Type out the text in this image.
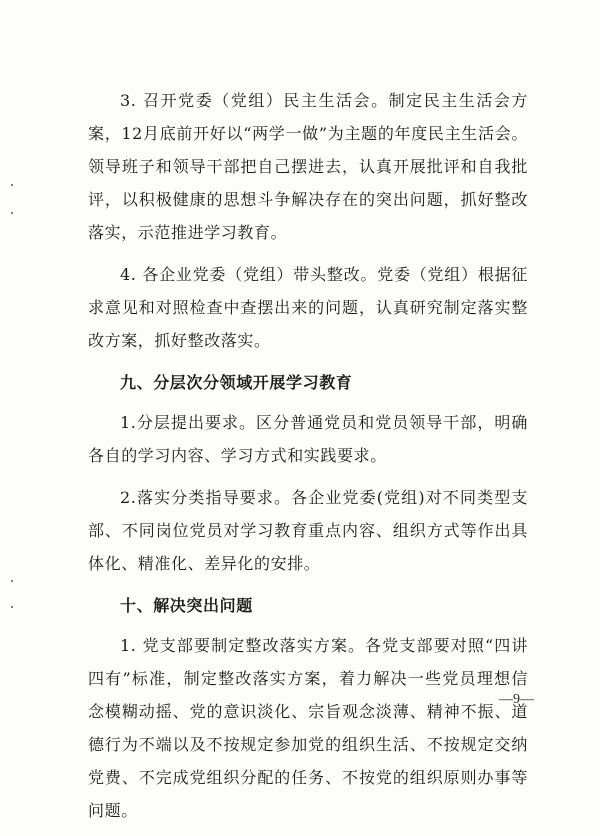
3. 召开党委（党组）民主生活会。制定民主生活会方案，12月底前开好以“两学一做”为主题的年度民主生活会。领导班子和领导干部把自己摆进去，认真开展批评和自我批评，以积极健康的思想斗争解决存在的突出问题，抓好整改落实，示范推进学习教育。

4. 各企业党委（党组）带头整改。党委（党组）根据征求意见和对照检查中查摆出来的问题，认真研究制定落实整改方案，抓好整改落实。

九、分层次分领域开展学习教育

1.分层提出要求。区分普通党员和党员领导干部，明确各自的学习内容、学习方式和实践要求。

2.落实分类指导要求。各企业党委(党组)对不同类型支部、不同岗位党员对学习教育重点内容、组织方式等作出具体化、精准化、差异化的安排。

十、解决突出问题

1. 党支部要制定整改落实方案。各党支部要对照“四讲四有”标准，制定整改落实方案，着力解决一些党员理想信念模糊动摇、党的意识淡化、宗旨观念淡薄、精神不振、道德行为不端以及不按规定参加党的组织生活、不按规定交纳党费、不完成党组织分配的任务、不按党的组织原则办事等问题。

—9—
